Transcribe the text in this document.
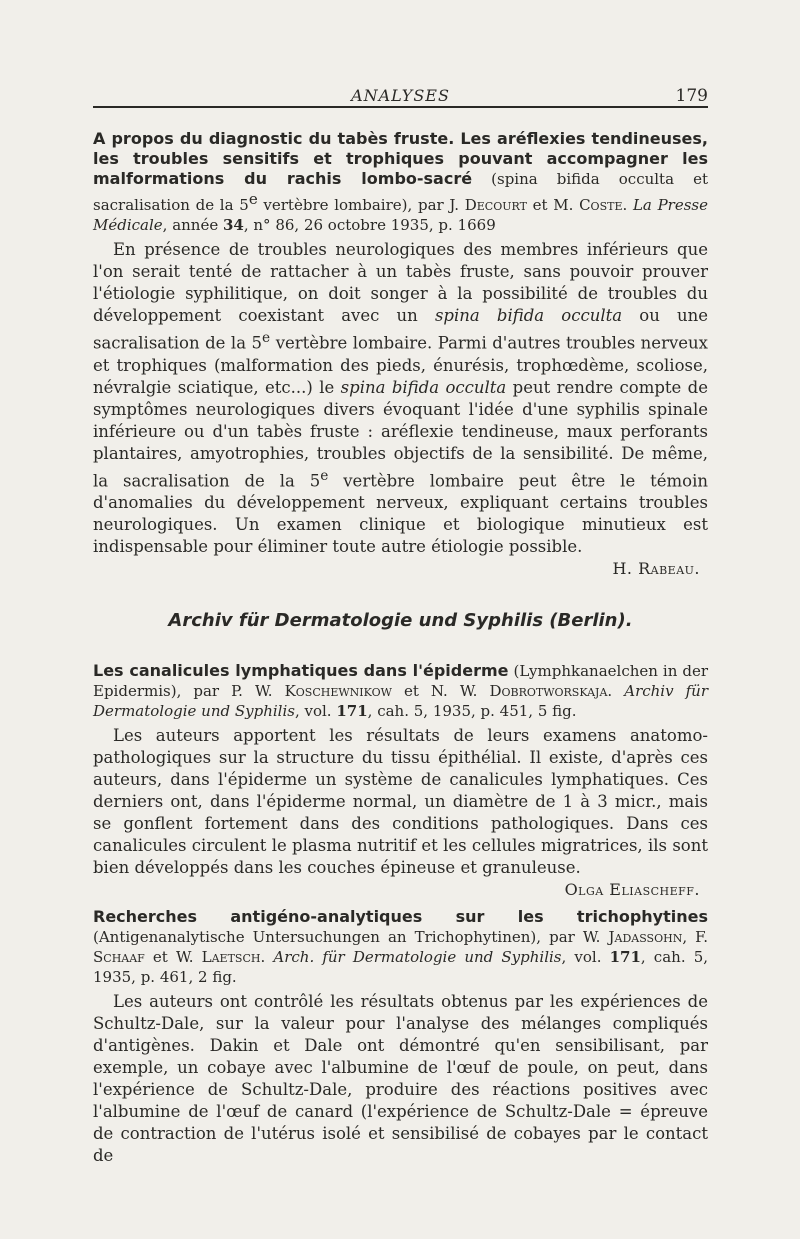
ANALYSES	179
A propos du diagnostic du tabès fruste. Les aréflexies tendineuses, les troubles sensitifs et trophiques pouvant accompagner les malformations du rachis lombo-sacré (spina bifida occulta et sacralisation de la 5e vertèbre lombaire), par J. Decourt et M. Coste. La Presse Médicale, année 34, n° 86, 26 octobre 1935, p. 1669

En présence de troubles neurologiques des membres inférieurs que l'on serait tenté de rattacher à un tabès fruste, sans pouvoir prouver l'étiologie syphilitique, on doit songer à la possibilité de troubles du développement coexistant avec un spina bifida occulta ou une sacralisation de la 5e vertèbre lombaire. Parmi d'autres troubles nerveux et trophiques (malformation des pieds, énurésis, trophœdème, scoliose, névralgie sciatique, etc...) le spina bifida occulta peut rendre compte de symptômes neurologiques divers évoquant l'idée d'une syphilis spinale inférieure ou d'un tabès fruste : aréflexie tendineuse, maux perforants plantaires, amyotrophies, troubles objectifs de la sensibilité. De même, la sacralisation de la 5e vertèbre lombaire peut être le témoin d'anomalies du développement nerveux, expliquant certains troubles neurologiques. Un examen clinique et biologique minutieux est indispensable pour éliminer toute autre étiologie possible.

H. Rabeau.
Archiv für Dermatologie und Syphilis (Berlin).
Les canalicules lymphatiques dans l'épiderme (Lymphkanaelchen in der Epidermis), par P. W. Koschewnikow et N. W. Dobrotworskaja. Archiv für Dermatologie und Syphilis, vol. 171, cah. 5, 1935, p. 451, 5 fig.

Les auteurs apportent les résultats de leurs examens anatomo-pathologiques sur la structure du tissu épithélial. Il existe, d'après ces auteurs, dans l'épiderme un système de canalicules lymphatiques. Ces derniers ont, dans l'épiderme normal, un diamètre de 1 à 3 micr., mais se gonflent fortement dans des conditions pathologiques. Dans ces canalicules circulent le plasma nutritif et les cellules migratrices, ils sont bien développés dans les couches épineuse et granuleuse.

Olga Eliascheff.
Recherches antigéno-analytiques sur les trichophytines (Antigenanalytische Untersuchungen an Trichophytinen), par W. Jadassohn, F. Schaaf et W. Laetsch. Arch. für Dermatologie und Syphilis, vol. 171, cah. 5, 1935, p. 461, 2 fig.

Les auteurs ont contrôlé les résultats obtenus par les expériences de Schultz-Dale, sur la valeur pour l'analyse des mélanges compliqués d'antigènes. Dakin et Dale ont démontré qu'en sensibilisant, par exemple, un cobaye avec l'albumine de l'œuf de poule, on peut, dans l'expérience de Schultz-Dale, produire des réactions positives avec l'albumine de l'œuf de canard (l'expérience de Schultz-Dale = épreuve de contraction de l'utérus isolé et sensibilisé de cobayes par le contact de
